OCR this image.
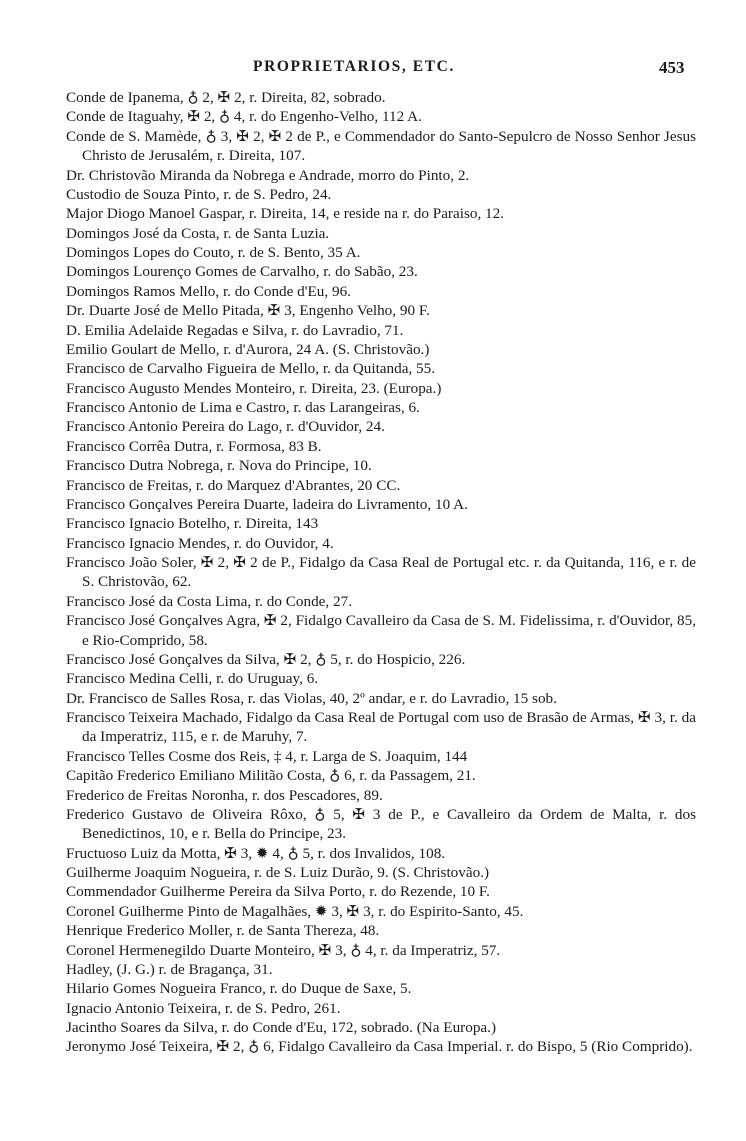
PROPRIETARIOS, ETC.	453
Conde de Ipanema, ♁ 2, ✠ 2, r. Direita, 82, sobrado.
Conde de Itaguahy, ✠ 2, ♁ 4, r. do Engenho-Velho, 112 A.
Conde de S. Mamède, ♁ 3, ✠ 2, ✠ 2 de P., e Commendador do Santo-Sepulcro de Nosso Senhor Jesus Christo de Jerusalém, r. Direita, 107.
Dr. Christovão Miranda da Nobrega e Andrade, morro do Pinto, 2.
Custodio de Souza Pinto, r. de S. Pedro, 24.
Major Diogo Manoel Gaspar, r. Direita, 14, e reside na r. do Paraiso, 12.
Domingos José da Costa, r. de Santa Luzia.
Domingos Lopes do Couto, r. de S. Bento, 35 A.
Domingos Lourenço Gomes de Carvalho, r. do Sabão, 23.
Domingos Ramos Mello, r. do Conde d'Eu, 96.
Dr. Duarte José de Mello Pitada, ✠ 3, Engenho Velho, 90 F.
D. Emilia Adelaide Regadas e Silva, r. do Lavradio, 71.
Emilio Goulart de Mello, r. d'Aurora, 24 A. (S. Christovão.)
Francisco de Carvalho Figueira de Mello, r. da Quitanda, 55.
Francisco Augusto Mendes Monteiro, r. Direita, 23. (Europa.)
Francisco Antonio de Lima e Castro, r. das Larangeiras, 6.
Francisco Antonio Pereira do Lago, r. d'Ouvidor, 24.
Francisco Corrêa Dutra, r. Formosa, 83 B.
Francisco Dutra Nobrega, r. Nova do Principe, 10.
Francisco de Freitas, r. do Marquez d'Abrantes, 20 CC.
Francisco Gonçalves Pereira Duarte, ladeira do Livramento, 10 A.
Francisco Ignacio Botelho, r. Direita, 143
Francisco Ignacio Mendes, r. do Ouvidor, 4.
Francisco João Soler, ✠ 2, ✠ 2 de P., Fidalgo da Casa Real de Portugal etc. r. da Quitanda, 116, e r. de S. Christovão, 62.
Francisco José da Costa Lima, r. do Conde, 27.
Francisco José Gonçalves Agra, ✠ 2, Fidalgo Cavalleiro da Casa de S. M. Fidelissima, r. d'Ouvidor, 85, e Rio-Comprido, 58.
Francisco José Gonçalves da Silva, ✠ 2, ♁ 5, r. do Hospicio, 226.
Francisco Medina Celli, r. do Uruguay, 6.
Dr. Francisco de Salles Rosa, r. das Violas, 40, 2º andar, e r. do Lavradio, 15 sob.
Francisco Teixeira Machado, Fidalgo da Casa Real de Portugal com uso de Brasão de Armas, ✠ 3, r. da da Imperatriz, 115, e r. de Maruhy, 7.
Francisco Telles Cosme dos Reis, ‡ 4, r. Larga de S. Joaquim, 144
Capitão Frederico Emiliano Militão Costa, ♁ 6, r. da Passagem, 21.
Frederico de Freitas Noronha, r. dos Pescadores, 89.
Frederico Gustavo de Oliveira Rôxo, ♁ 5, ✠ 3 de P., e Cavalleiro da Ordem de Malta, r. dos Benedictinos, 10, e r. Bella do Principe, 23.
Fructuoso Luiz da Motta, ✠ 3, ✹ 4, ♁ 5, r. dos Invalidos, 108.
Guilherme Joaquim Nogueira, r. de S. Luiz Durão, 9. (S. Christovão.)
Commendador Guilherme Pereira da Silva Porto, r. do Rezende, 10 F.
Coronel Guilherme Pinto de Magalhães, ✹ 3, ✠ 3, r. do Espirito-Santo, 45.
Henrique Frederico Moller, r. de Santa Thereza, 48.
Coronel Hermenegildo Duarte Monteiro, ✠ 3, ♁ 4, r. da Imperatriz, 57.
Hadley, (J. G.) r. de Bragança, 31.
Hilario Gomes Nogueira Franco, r. do Duque de Saxe, 5.
Ignacio Antonio Teixeira, r. de S. Pedro, 261.
Jacintho Soares da Silva, r. do Conde d'Eu, 172, sobrado. (Na Europa.)
Jeronymo José Teixeira, ✠ 2, ♁ 6, Fidalgo Cavalleiro da Casa Imperial. r. do Bispo, 5 (Rio Comprido).
